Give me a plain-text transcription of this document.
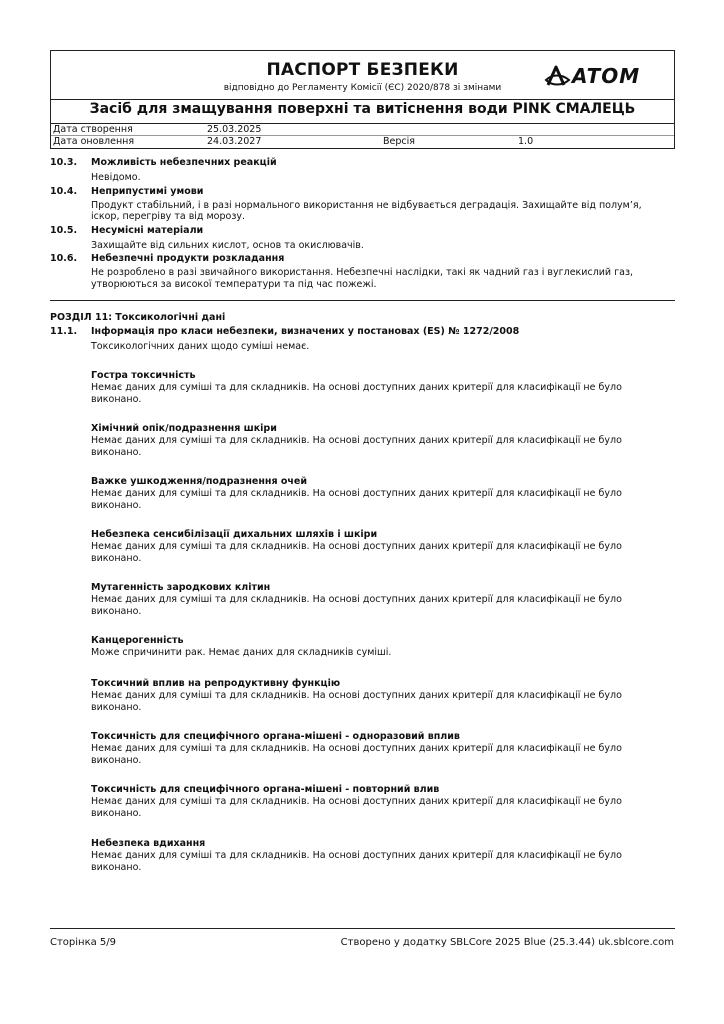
ПАСПОРТ БЕЗПЕКИ
відповідно до Регламенту Комісії (ЄС) 2020/878 зі змінами	ATOM
Засіб для змащування поверхні та витіснення води PINK СМАЛЕЦЬ
Дата створення	25.03.2025
Дата оновлення	24.03.2027	Версія	1.0
10.3. Можливість небезпечних реакцій
Невідомо.
10.4. Неприпустимі умови
Продукт стабільний, і в разі нормального використання не відбувається деградація. Захищайте від полум’я,
іскор, перегріву та від морозу.
10.5. Несумісні матеріали
Захищайте від сильних кислот, основ та окислювачів.
10.6. Небезпечні продукти розкладання
Не розроблено в разі звичайного використання. Небезпечні наслідки, такі як чадний газ і вуглекислий газ,
утворюються за високої температури та під час пожежі.
РОЗДІЛ 11: Токсикологічні дані
11.1. Інформація про класи небезпеки, визначених у постановах (ES) № 1272/2008
Токсикологічних даних щодо суміші немає.
Гостра токсичність
Немає даних для суміші та для складників. На основі доступних даних критерії для класифікації не було
виконано.
Хімічний опік/подразнення шкіри
Немає даних для суміші та для складників. На основі доступних даних критерії для класифікації не було
виконано.
Важке ушкодження/подразнення очей
Немає даних для суміші та для складників. На основі доступних даних критерії для класифікації не було
виконано.
Небезпека сенсибілізації дихальних шляхів і шкіри
Немає даних для суміші та для складників. На основі доступних даних критерії для класифікації не було
виконано.
Мутагенність зародкових клітин
Немає даних для суміші та для складників. На основі доступних даних критерії для класифікації не було
виконано.
Канцерогенність
Може спричинити рак. Немає даних для складників суміші.
Токсичний вплив на репродуктивну функцію
Немає даних для суміші та для складників. На основі доступних даних критерії для класифікації не було
виконано.
Токсичність для специфічного органа-мішені - одноразовий вплив
Немає даних для суміші та для складників. На основі доступних даних критерії для класифікації не було
виконано.
Токсичність для специфічного органа-мішені - повторний влив
Немає даних для суміші та для складників. На основі доступних даних критерії для класифікації не було
виконано.
Небезпека вдихання
Немає даних для суміші та для складників. На основі доступних даних критерії для класифікації не було
виконано.
Сторінка 5/9	Створено у додатку SBLCore 2025 Blue (25.3.44) uk.sblcore.com
